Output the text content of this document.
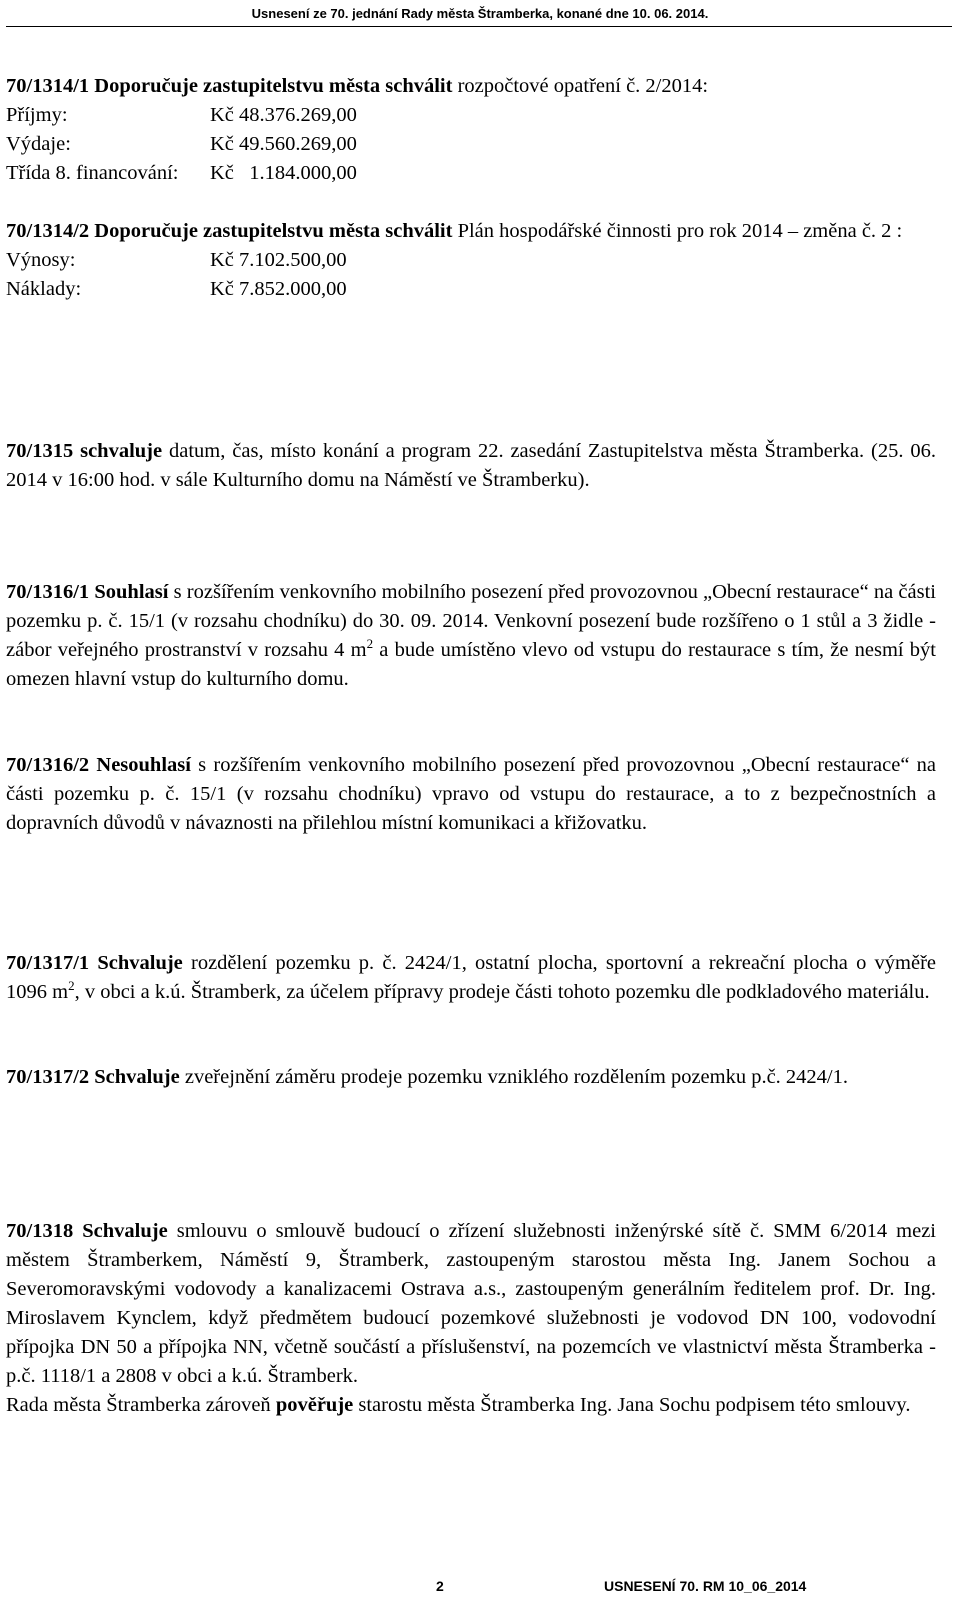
Usnesení ze 70. jednání Rady města Štramberka, konané dne 10. 06. 2014.

70/1314/1 Doporučuje zastupitelstvu města schválit rozpočtové opatření č. 2/2014:

Příjmy:	Kč 48.376.269,00
Výdaje:	Kč 49.560.269,00
Třída 8. financování: Kč   1.184.000,00

70/1314/2 Doporučuje zastupitelstvu města schválit Plán hospodářské činnosti pro rok 2014 – změna č. 2 :

Výnosy:	Kč 7.102.500,00
Náklady:	Kč 7.852.000,00

70/1315 schvaluje datum, čas, místo konání a program 22. zasedání Zastupitelstva města Štramberka. (25. 06. 2014 v 16:00 hod. v sále Kulturního domu na Náměstí ve Štramberku).

70/1316/1 Souhlasí s rozšířením venkovního mobilního posezení před provozovnou „Obecní restaurace“ na části pozemku p. č. 15/1 (v rozsahu chodníku) do 30. 09. 2014. Venkovní posezení bude rozšířeno o 1 stůl a 3 židle - zábor veřejného prostranství v rozsahu 4 $m^2$ a bude umístěno vlevo od vstupu do restaurace s tím, že nesmí být omezen hlavní vstup do kulturního domu.

70/1316/2 Nesouhlasí s rozšířením venkovního mobilního posezení před provozovnou „Obecní restaurace“ na části pozemku p. č. 15/1 (v rozsahu chodníku) vpravo od vstupu do restaurace, a to z bezpečnostních a dopravních důvodů v návaznosti na přilehlou místní komunikaci a křižovatku.

70/1317/1 Schvaluje rozdělení pozemku p. č. 2424/1, ostatní plocha, sportovní a rekreační plocha o výměře 1096 $m^2$, v obci a k.ú. Štramberk, za účelem přípravy prodeje části tohoto pozemku dle podkladového materiálu.

70/1317/2 Schvaluje zveřejnění záměru prodeje pozemku vzniklého rozdělením pozemku p.č. 2424/1.

70/1318 Schvaluje smlouvu o smlouvě budoucí o zřízení služebnosti inženýrské sítě č. SMM 6/2014 mezi městem Štramberkem, Náměstí 9, Štramberk, zastoupeným starostou města Ing. Janem Sochou a Severomoravskými vodovody a kanalizacemi Ostrava a.s., zastoupeným generálním ředitelem prof. Dr. Ing. Miroslavem Kynclem, když předmětem budoucí pozemkové služebnosti je vodovod DN 100, vodovodní přípojka DN 50 a přípojka NN, včetně součástí a příslušenství, na pozemcích ve vlastnictví města Štramberka - p.č. 1118/1 a 2808 v obci a k.ú. Štramberk.

Rada města Štramberka zároveň pověřuje starostu města Štramberka Ing. Jana Sochu podpisem této smlouvy.

2	USNESENÍ 70. RM 10_06_2014
